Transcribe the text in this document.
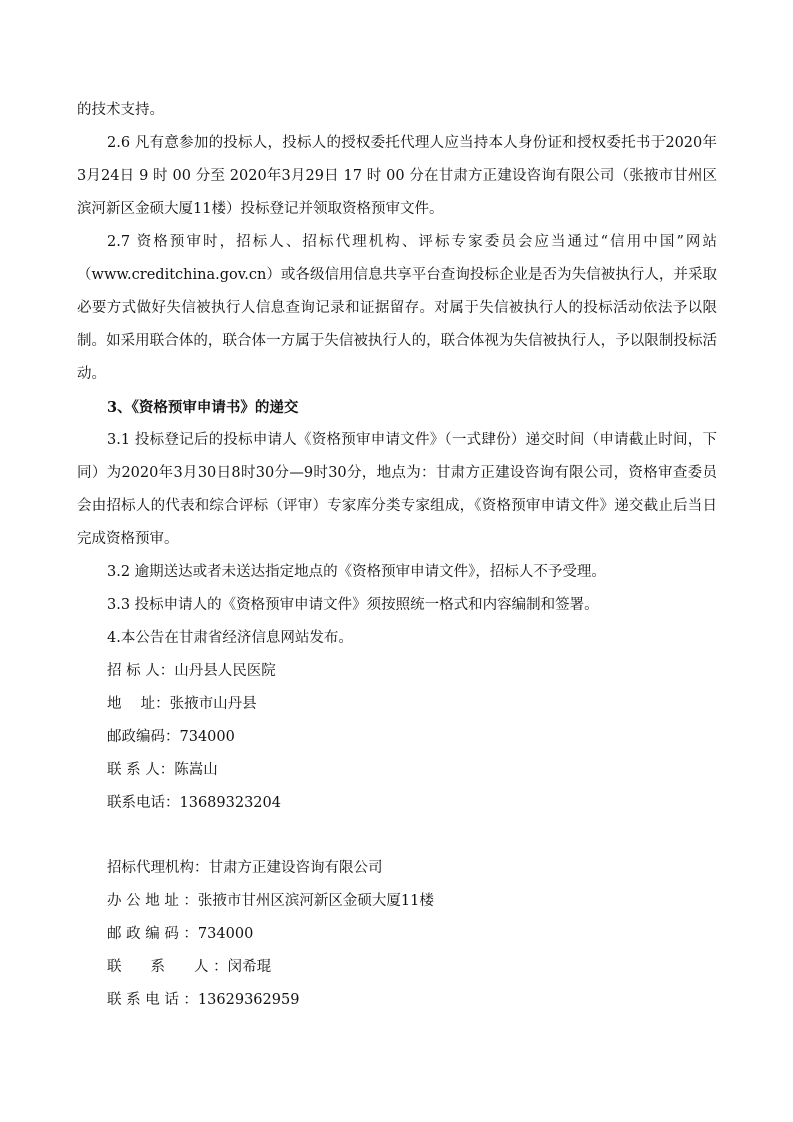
的技术支持。
2.6 凡有意参加的投标人，投标人的授权委托代理人应当持本人身份证和授权委托书于2020年3月24日 9 时 00 分至 2020年3月29日 17 时 00 分在甘肃方正建设咨询有限公司（张掖市甘州区滨河新区金硕大厦11楼）投标登记并领取资格预审文件。
2.7 资格预审时，招标人、招标代理机构、评标专家委员会应当通过“信用中国”网站（www.creditchina.gov.cn）或各级信用信息共享平台查询投标企业是否为失信被执行人，并采取必要方式做好失信被执行人信息查询记录和证据留存。对属于失信被执行人的投标活动依法予以限制。如采用联合体的，联合体一方属于失信被执行人的，联合体视为失信被执行人，予以限制投标活动。
3、《资格预审申请书》的递交
3.1 投标登记后的投标申请人《资格预审申请文件》（一式肆份）递交时间（申请截止时间，下同）为2020年3月30日8时30分—9时30分，地点为：甘肃方正建设咨询有限公司，资格审查委员会由招标人的代表和综合评标（评审）专家库分类专家组成，《资格预审申请文件》递交截止后当日完成资格预审。
3.2 逾期送达或者未送达指定地点的《资格预审申请文件》，招标人不予受理。
3.3 投标申请人的《资格预审申请文件》须按照统一格式和内容编制和签署。
4.本公告在甘肃省经济信息网站发布。
招 标 人：山丹县人民医院
地　 址：张掖市山丹县
邮政编码：734000
联 系 人：陈嵩山
联系电话：13689323204
招标代理机构：甘肃方正建设咨询有限公司
办 公 地 址 ：张掖市甘州区滨河新区金硕大厦11楼
邮 政 编 码 ：734000
联　　系　　人 ：闵希琨
联 系 电 话 ：13629362959
